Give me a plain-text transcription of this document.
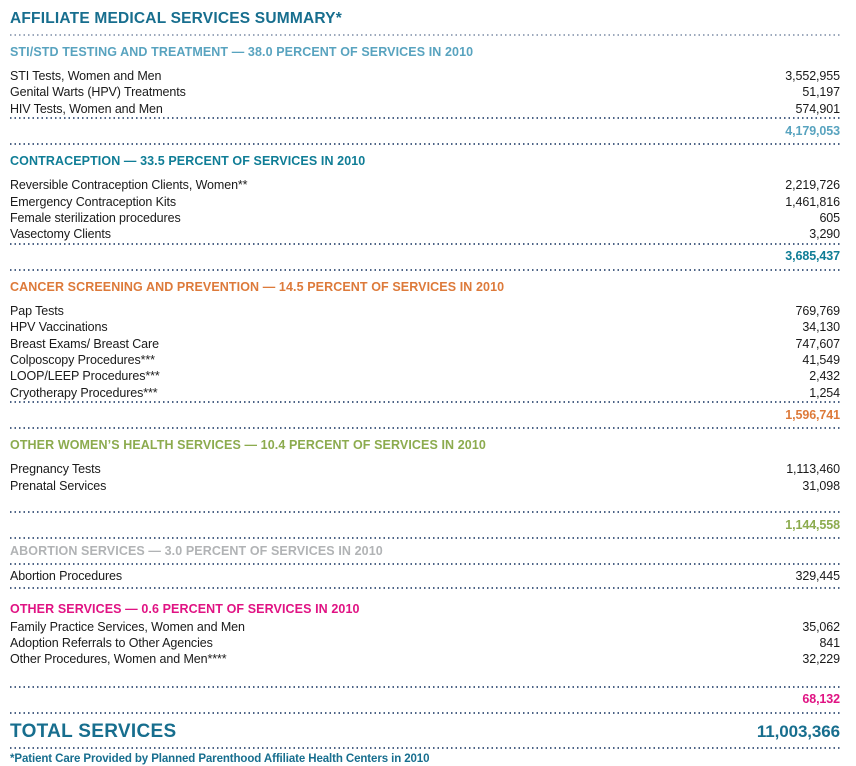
AFFILIATE MEDICAL SERVICES SUMMARY*
STI/STD TESTING AND TREATMENT — 38.0 PERCENT OF SERVICES IN 2010
STI Tests, Women and Men	3,552,955
Genital Warts (HPV) Treatments	51,197
HIV Tests, Women and Men	574,901
4,179,053
CONTRACEPTION — 33.5 PERCENT OF SERVICES IN 2010
Reversible Contraception Clients, Women**	2,219,726
Emergency Contraception Kits	1,461,816
Female sterilization procedures	605
Vasectomy Clients	3,290
3,685,437
CANCER SCREENING AND PREVENTION — 14.5 PERCENT OF SERVICES IN 2010
Pap Tests	769,769
HPV Vaccinations	34,130
Breast Exams/ Breast Care	747,607
Colposcopy Procedures***	41,549
LOOP/LEEP Procedures***	2,432
Cryotherapy Procedures***	1,254
1,596,741
OTHER WOMEN’S HEALTH SERVICES — 10.4 PERCENT OF SERVICES IN 2010
Pregnancy Tests	1,113,460
Prenatal Services	31,098
1,144,558
ABORTION SERVICES — 3.0 PERCENT OF SERVICES IN 2010
Abortion Procedures	329,445
OTHER SERVICES — 0.6 PERCENT OF SERVICES IN 2010
Family Practice Services, Women and Men	35,062
Adoption Referrals to Other Agencies	841
Other Procedures, Women and Men****	32,229
68,132
TOTAL SERVICES	11,003,366
*Patient Care Provided by Planned Parenthood Affiliate Health Centers in 2010
